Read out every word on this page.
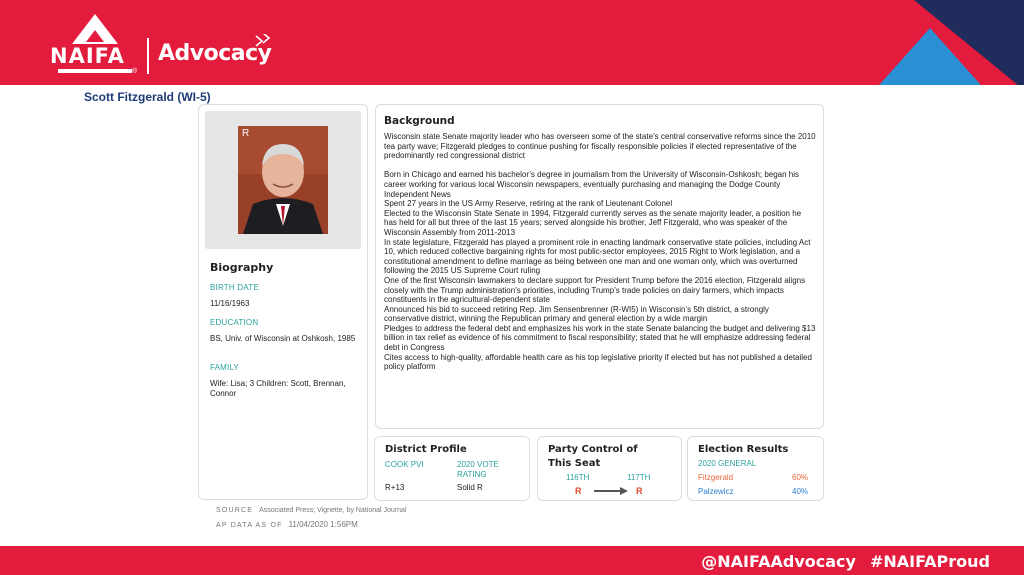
NAIFA
®
Advocacy
Scott Fitzgerald (WI-5)
R
Biography
BIRTH DATE
11/16/1963
EDUCATION
BS, Univ. of Wisconsin at Oshkosh, 1985
FAMILY
Wife: Lisa; 3 Children: Scott, Brennan, Connor
Background

Wisconsin state Senate majority leader who has overseen some of the state’s central conservative reforms since the 2010 tea party wave; Fitzgerald pledges to continue pushing for fiscally responsible policies if elected representative of the predominantly red congressional district

Born in Chicago and earned his bachelor’s degree in journalism from the University of Wisconsin-Oshkosh; began his career working for various local Wisconsin newspapers, eventually purchasing and managing the Dodge County Independent News

Spent 27 years in the US Army Reserve, retiring at the rank of Lieutenant Colonel

Elected to the Wisconsin State Senate in 1994, Fitzgerald currently serves as the senate majority leader, a position he has held for all but three of the last 15 years; served alongside his brother, Jeff Fitzgerald, who was speaker of the Wisconsin Assembly from 2011-2013

In state legislature, Fitzgerald has played a prominent role in enacting landmark conservative state policies, including Act 10, which reduced collective bargaining rights for most public-sector employees, 2015 Right to Work legislation, and a constitutional amendment to define marriage as being between one man and one woman only, which was overturned following the 2015 US Supreme Court ruling

One of the first Wisconsin lawmakers to declare support for President Trump before the 2016 election, Fitzgerald aligns closely with the Trump administration’s priorities, including Trump’s trade policies on dairy farmers, which impacts constituents in the agricultural-dependent state

Announced his bid to succeed retiring Rep. Jim Sensenbrenner (R-WI5) in Wisconsin’s 5th district, a strongly conservative district, winning the Republican primary and general election by a wide margin

Pledges to address the federal debt and emphasizes his work in the state Senate balancing the budget and delivering $13 billion in tax relief as evidence of his commitment to fiscal responsibility; stated that he will emphasize addressing federal debt in Congress

Cites access to high-quality, affordable health care as his top legislative priority if elected but has not published a detailed policy platform

District Profile
COOK PVI	2020 VOTE RATING
R+13	Solid R
Party Control of This Seat
116TH	117TH
R	R
Election Results
2020 GENERAL
Fitzgerald	60%
Palzewicz	40%
SOURCE Associated Press; Vignette, by National Journal
AP DATA AS OF 11/04/2020 1:56PM
@NAIFAAdvocacy #NAIFAProud
